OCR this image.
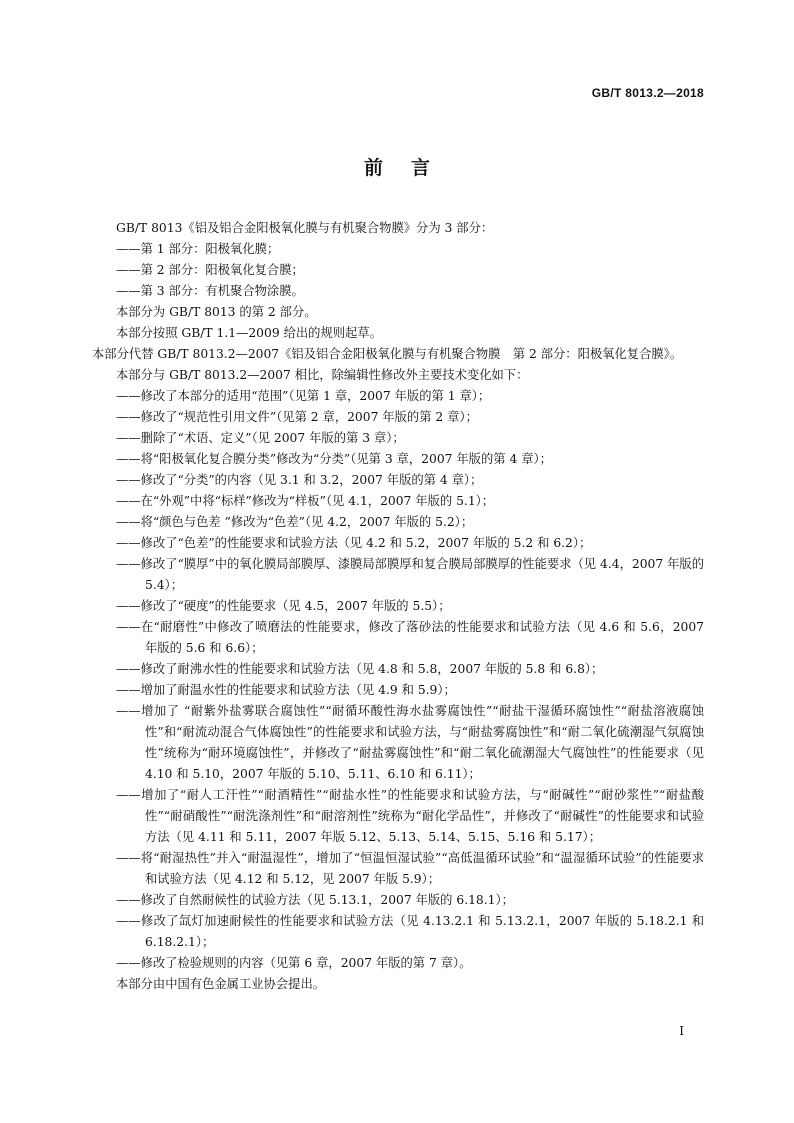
GB/T 8013.2—2018
前言

GB/T 8013《铝及铝合金阳极氧化膜与有机聚合物膜》分为 3 部分：

—— 第 1 部分：阳极氧化膜；

—— 第 2 部分：阳极氧化复合膜；

—— 第 3 部分：有机聚合物涂膜。

本部分为 GB/T 8013 的第 2 部分。

本部分按照 GB/T 1.1—2009 给出的规则起草。

本部分代替 GB/T 8013.2—2007《铝及铝合金阳极氧化膜与有机聚合物膜　第 2 部分：阳极氧化复合膜》。

本部分与 GB/T 8013.2—2007 相比，除编辑性修改外主要技术变化如下：

—— 修改了本部分的适用“范围”（见第 1 章，2007 年版的第 1 章）；

—— 修改了“规范性引用文件”（见第 2 章，2007 年版的第 2 章）；

—— 删除了“术语、定义”（见 2007 年版的第 3 章）；

—— 将“阳极氧化复合膜分类”修改为“分类”（见第 3 章，2007 年版的第 4 章）；

—— 修改了“分类”的内容（见 3.1 和 3.2，2007 年版的第 4 章）；

—— 在“外观”中将“标样”修改为“样板”（见 4.1，2007 年版的 5.1）；

—— 将“颜色与色差 ”修改为“色差”（见 4.2，2007 年版的 5.2）；

—— 修改了“色差”的性能要求和试验方法（见 4.2 和 5.2，2007 年版的 5.2 和 6.2）；

—— 修改了“膜厚”中的氧化膜局部膜厚、漆膜局部膜厚和复合膜局部膜厚的性能要求（见 4.4，2007 年版的 5.4）；

—— 修改了“硬度”的性能要求（见 4.5，2007 年版的 5.5）；

—— 在“耐磨性”中修改了喷磨法的性能要求，修改了落砂法的性能要求和试验方法（见 4.6 和 5.6，2007 年版的 5.6 和 6.6）；

—— 修改了耐沸水性的性能要求和试验方法（见 4.8 和 5.8，2007 年版的 5.8 和 6.8）；

—— 增加了耐温水性的性能要求和试验方法（见 4.9 和 5.9）；

—— 增加了 “耐紫外盐雾联合腐蚀性”“耐循环酸性海水盐雾腐蚀性”“耐盐干湿循环腐蚀性”“耐盐溶液腐蚀性”和“耐流动混合气体腐蚀性”的性能要求和试验方法，与“耐盐雾腐蚀性”和“耐二氧化硫潮湿气氛腐蚀性”统称为“耐环境腐蚀性”，并修改了“耐盐雾腐蚀性”和“耐二氧化硫潮湿大气腐蚀性”的性能要求（见 4.10 和 5.10，2007 年版的 5.10、5.11、6.10 和 6.11）；

—— 增加了“耐人工汗性”“耐酒精性”“耐盐水性”的性能要求和试验方法，与“耐碱性”“耐砂浆性”“耐盐酸性”“耐硝酸性”“耐洗涤剂性”和“耐溶剂性”统称为“耐化学品性”，并修改了“耐碱性”的性能要求和试验方法（见 4.11 和 5.11，2007 年版 5.12、5.13、5.14、5.15、5.16 和 5.17）；

—— 将“耐湿热性”并入“耐温湿性”，增加了“恒温恒湿试验”“高低温循环试验”和“温湿循环试验”的性能要求和试验方法（见 4.12 和 5.12，见 2007 年版 5.9）；

—— 修改了自然耐候性的试验方法（见 5.13.1，2007 年版的 6.18.1）；

—— 修改了氙灯加速耐候性的性能要求和试验方法（见 4.13.2.1 和 5.13.2.1，2007 年版的 5.18.2.1 和 6.18.2.1）；

—— 修改了检验规则的内容（见第 6 章，2007 年版的第 7 章）。

本部分由中国有色金属工业协会提出。

I
